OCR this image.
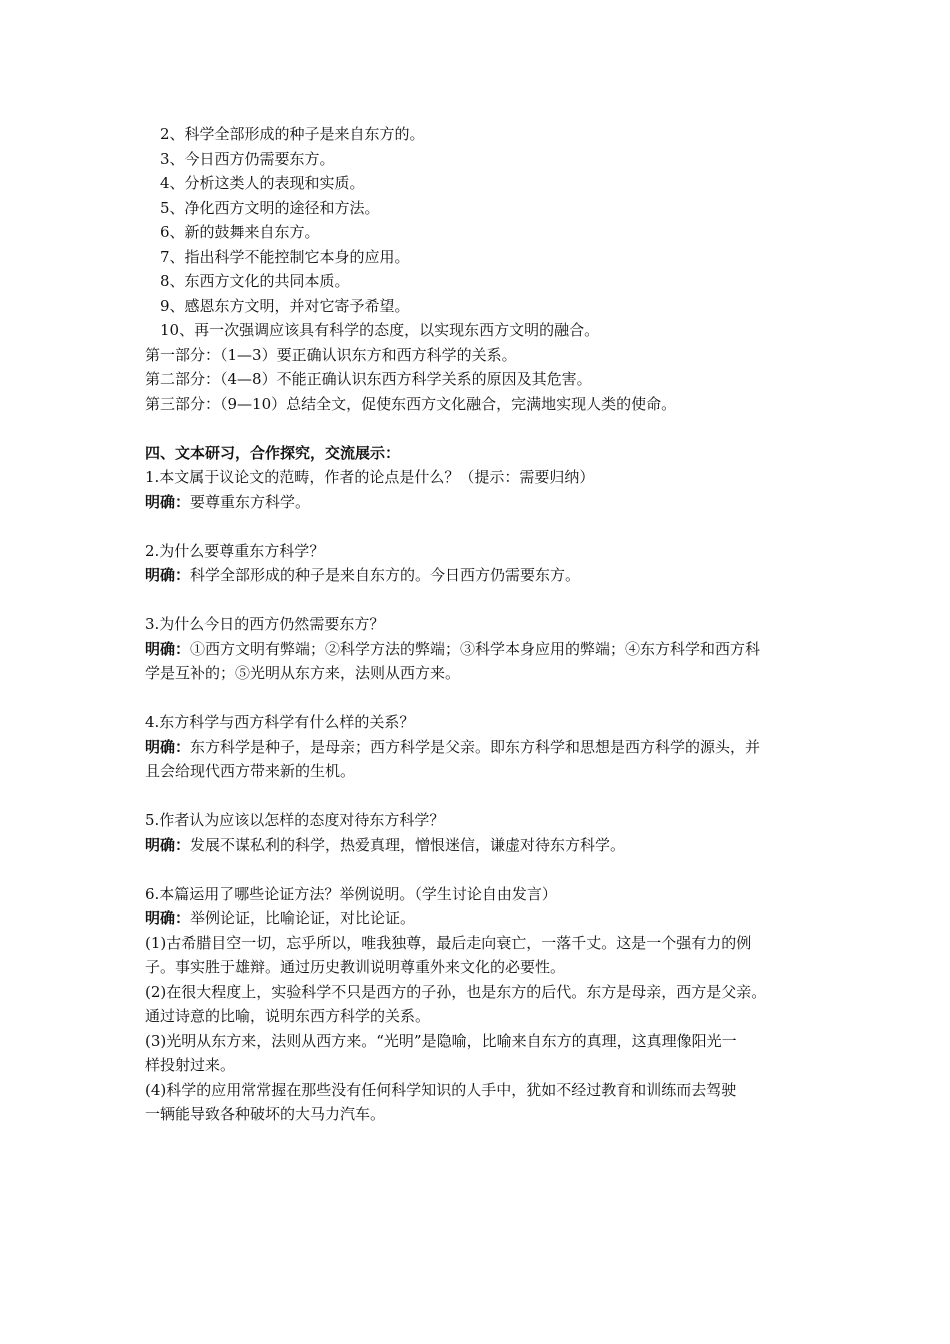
2、科学全部形成的种子是来自东方的。
3、今日西方仍需要东方。
4、分析这类人的表现和实质。
5、净化西方文明的途径和方法。
6、新的鼓舞来自东方。
7、指出科学不能控制它本身的应用。
8、东西方文化的共同本质。
9、感恩东方文明，并对它寄予希望。
10、再一次强调应该具有科学的态度，以实现东西方文明的融合。
第一部分：（1—3）要正确认识东方和西方科学的关系。
第二部分：（4—8）不能正确认识东西方科学关系的原因及其危害。
第三部分：（9—10）总结全文，促使东西方文化融合，完满地实现人类的使命。
四、文本研习，合作探究，交流展示：
1.本文属于议论文的范畴，作者的论点是什么？（提示：需要归纳）
明确：要尊重东方科学。
2.为什么要尊重东方科学？
明确：科学全部形成的种子是来自东方的。今日西方仍需要东方。
3.为什么今日的西方仍然需要东方？
明确：①西方文明有弊端；②科学方法的弊端；③科学本身应用的弊端；④东方科学和西方科
学是互补的；⑤光明从东方来，法则从西方来。
4.东方科学与西方科学有什么样的关系？
明确：东方科学是种子，是母亲；西方科学是父亲。即东方科学和思想是西方科学的源头，并
且会给现代西方带来新的生机。
5.作者认为应该以怎样的态度对待东方科学？
明确：发展不谋私利的科学，热爱真理，憎恨迷信，谦虚对待东方科学。
6.本篇运用了哪些论证方法？举例说明。（学生讨论自由发言）
明确：举例论证，比喻论证，对比论证。
(1)古希腊目空一切，忘乎所以，唯我独尊，最后走向衰亡，一落千丈。这是一个强有力的例
子。事实胜于雄辩。通过历史教训说明尊重外来文化的必要性。
(2)在很大程度上，实验科学不只是西方的子孙，也是东方的后代。东方是母亲，西方是父亲。
通过诗意的比喻，说明东西方科学的关系。
(3)光明从东方来，法则从西方来。“光明”是隐喻，比喻来自东方的真理，这真理像阳光一
样投射过来。
(4)科学的应用常常握在那些没有任何科学知识的人手中，犹如不经过教育和训练而去驾驶
一辆能导致各种破坏的大马力汽车。
